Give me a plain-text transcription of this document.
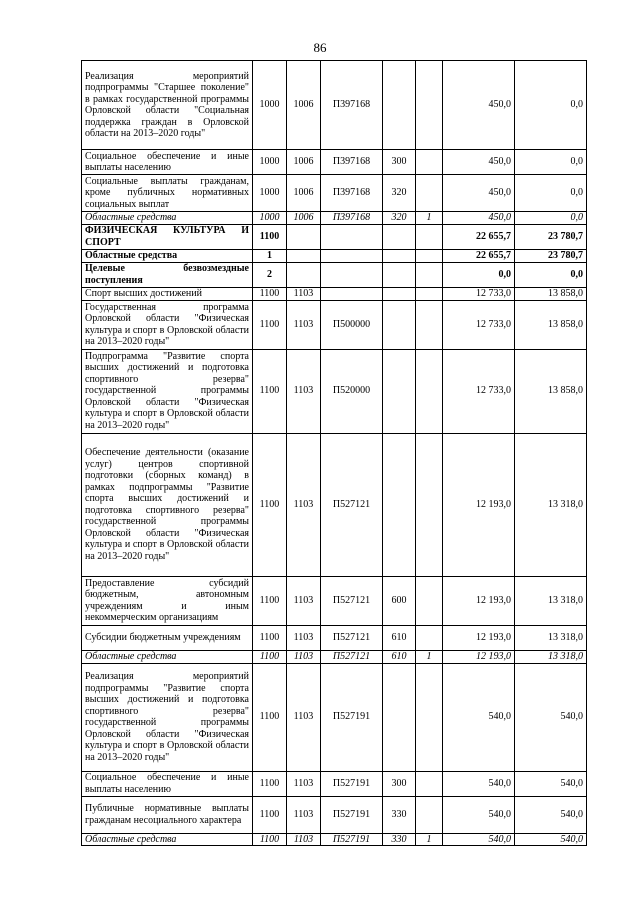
86
Реализация мероприятий подпрограммы "Старшее поколение" в рамках государственной программы Орловской области "Социальная поддержка граждан в Орловской области на 2013–2020 годы"	1000	1006	П397168			450,0	0,0
Социальное обеспечение и иные выплаты населению	1000	1006	П397168	300		450,0	0,0
Социальные выплаты гражданам, кроме публичных нормативных социальных выплат	1000	1006	П397168	320		450,0	0,0
Областные средства	1000	1006	П397168	320	1	450,0	0,0
ФИЗИЧЕСКАЯ КУЛЬТУРА И СПОРТ	1100					22 655,7	23 780,7
Областные средства	1					22 655,7	23 780,7
Целевые безвозмездные поступления	2					0,0	0,0
Спорт высших достижений	1100	1103				12 733,0	13 858,0
Государственная программа Орловской области "Физическая культура и спорт в Орловской области на 2013–2020 годы"	1100	1103	П500000			12 733,0	13 858,0
Подпрограмма "Развитие спорта высших достижений и подготовка спортивного резерва" государственной программы Орловской области "Физическая культура и спорт в Орловской области на 2013–2020 годы"	1100	1103	П520000			12 733,0	13 858,0
Обеспечение деятельности (оказание услуг) центров спортивной подготовки (сборных команд) в рамках подпрограммы "Развитие спорта высших достижений и подготовка спортивного резерва" государственной программы Орловской области "Физическая культура и спорт в Орловской области на 2013–2020 годы"	1100	1103	П527121			12 193,0	13 318,0
Предоставление субсидий бюджетным, автономным учреждениям и иным некоммерческим организациям	1100	1103	П527121	600		12 193,0	13 318,0
Субсидии бюджетным учреждениям	1100	1103	П527121	610		12 193,0	13 318,0
Областные средства	1100	1103	П527121	610	1	12 193,0	13 318,0
Реализация мероприятий подпрограммы "Развитие спорта высших достижений и подготовка спортивного резерва" государственной программы Орловской области "Физическая культура и спорт в Орловской области на 2013–2020 годы"	1100	1103	П527191			540,0	540,0
Социальное обеспечение и иные выплаты населению	1100	1103	П527191	300		540,0	540,0
Публичные нормативные выплаты гражданам несоциального характера	1100	1103	П527191	330		540,0	540,0
Областные средства	1100	1103	П527191	330	1	540,0	540,0
